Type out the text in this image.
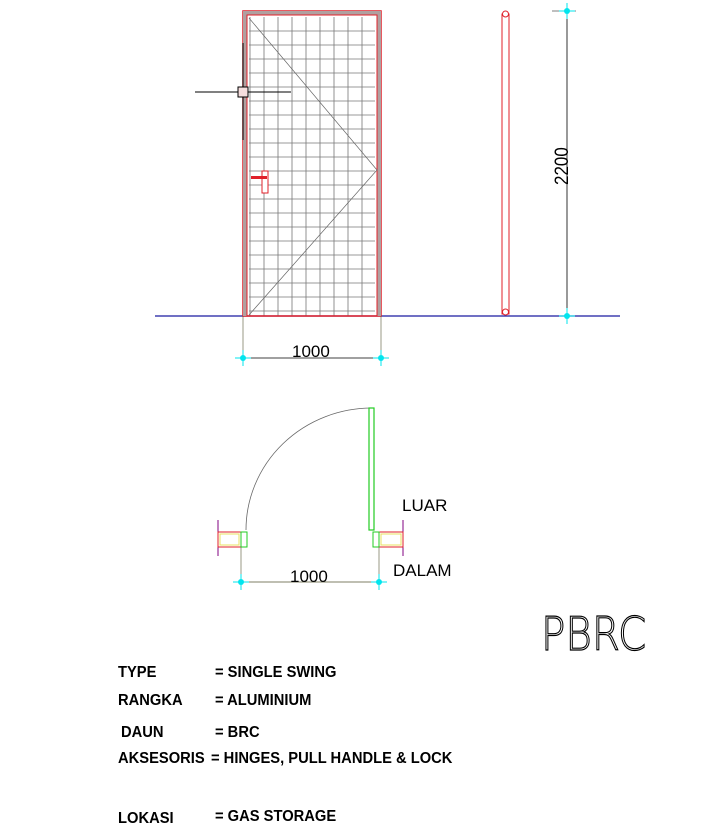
2200
1000
1000
LUAR
DALAM
PBRC
TYPE	= SINGLE SWING
RANGKA = ALUMINIUM
DAUN	= BRC
AKSESORIS = HINGES, PULL HANDLE & LOCK
LOKASI	= GAS STORAGE
